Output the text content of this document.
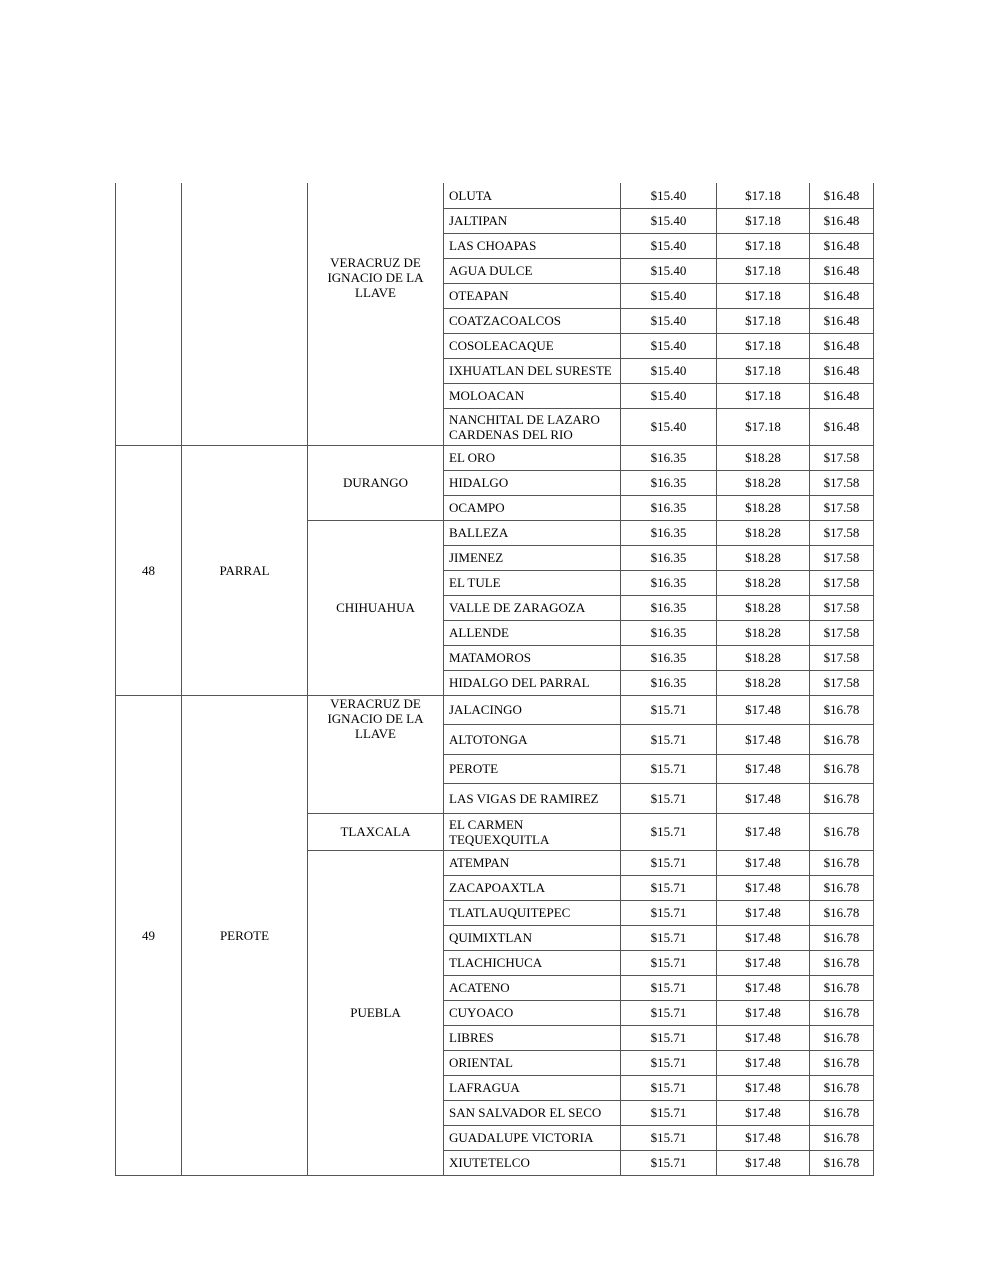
		VERACRUZ DE IGNACIO DE LA LLAVE	OLUTA	$15.40	$17.18	$16.48
			JALTIPAN	$15.40	$17.18	$16.48
			LAS CHOAPAS	$15.40	$17.18	$16.48
			AGUA DULCE	$15.40	$17.18	$16.48
			OTEAPAN	$15.40	$17.18	$16.48
			COATZACOALCOS	$15.40	$17.18	$16.48
			COSOLEACAQUE	$15.40	$17.18	$16.48
			IXHUATLAN DEL SURESTE	$15.40	$17.18	$16.48
			MOLOACAN	$15.40	$17.18	$16.48
			NANCHITAL DE LAZARO CARDENAS DEL RIO	$15.40	$17.18	$16.48
48	PARRAL	DURANGO	EL ORO	$16.35	$18.28	$17.58
			HIDALGO	$16.35	$18.28	$17.58
			OCAMPO	$16.35	$18.28	$17.58
		CHIHUAHUA	BALLEZA	$16.35	$18.28	$17.58
			JIMENEZ	$16.35	$18.28	$17.58
			EL TULE	$16.35	$18.28	$17.58
			VALLE DE ZARAGOZA	$16.35	$18.28	$17.58
			ALLENDE	$16.35	$18.28	$17.58
			MATAMOROS	$16.35	$18.28	$17.58
			HIDALGO DEL PARRAL	$16.35	$18.28	$17.58
49	PEROTE	VERACRUZ DE IGNACIO DE LA LLAVE	JALACINGO	$15.71	$17.48	$16.78
			ALTOTONGA	$15.71	$17.48	$16.78
			PEROTE	$15.71	$17.48	$16.78
			LAS VIGAS DE RAMIREZ	$15.71	$17.48	$16.78
		TLAXCALA	EL CARMEN TEQUEXQUITLA	$15.71	$17.48	$16.78
		PUEBLA	ATEMPAN	$15.71	$17.48	$16.78
			ZACAPOAXTLA	$15.71	$17.48	$16.78
			TLATLAUQUITEPEC	$15.71	$17.48	$16.78
			QUIMIXTLAN	$15.71	$17.48	$16.78
			TLACHICHUCA	$15.71	$17.48	$16.78
			ACATENO	$15.71	$17.48	$16.78
			CUYOACO	$15.71	$17.48	$16.78
			LIBRES	$15.71	$17.48	$16.78
			ORIENTAL	$15.71	$17.48	$16.78
			LAFRAGUA	$15.71	$17.48	$16.78
			SAN SALVADOR EL SECO	$15.71	$17.48	$16.78
			GUADALUPE VICTORIA	$15.71	$17.48	$16.78
			XIUTETELCO	$15.71	$17.48	$16.78
